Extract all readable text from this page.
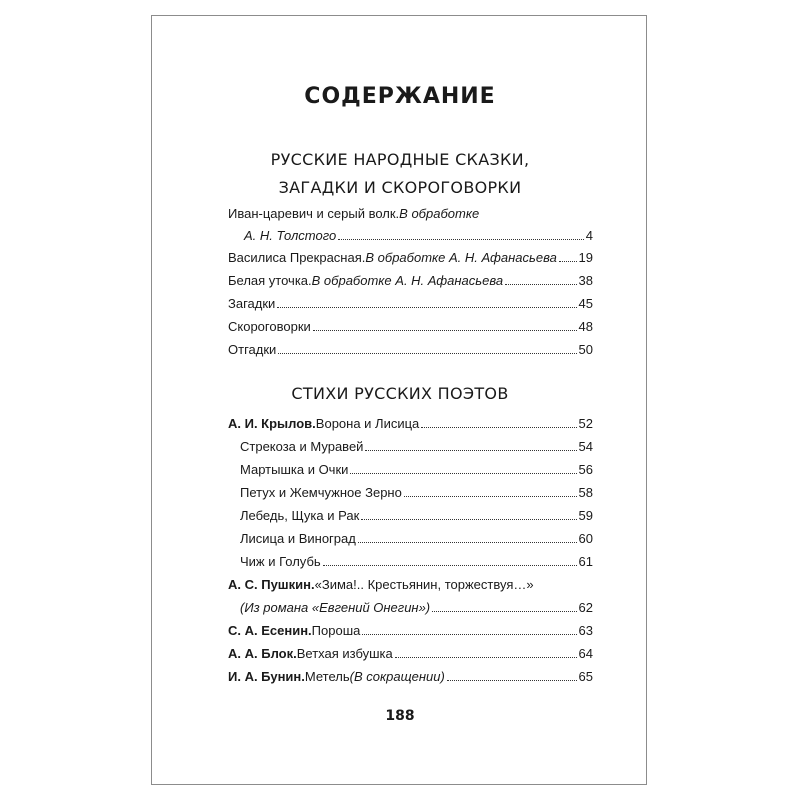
СОДЕРЖАНИЕ
РУССКИЕ НАРОДНЫЕ СКАЗКИ,
ЗАГАДКИ И СКОРОГОВОРКИ
Иван-царевич и серый волк. В обработке
А. Н. Толстого	4
Василиса Прекрасная. В обработке А. Н. Афанасьева 19
Белая уточка. В обработке А. Н. Афанасьева	38
Загадки	45
Скороговорки	48
Отгадки	50
СТИХИ РУССКИХ ПОЭТОВ
А. И. Крылов. Ворона и Лисица	52
Стрекоза и Муравей	54
Мартышка и Очки	56
Петух и Жемчужное Зерно	58
Лебедь, Щука и Рак	59
Лисица и Виноград	60
Чиж и Голубь	61
А. С. Пушкин. «Зима!.. Крестьянин, торжествуя…»
(Из романа «Евгений Онегин»)	62
С. А. Есенин. Пороша	63
А. А. Блок. Ветхая избушка	64
И. А. Бунин. Метель (В сокращении)	65
188
